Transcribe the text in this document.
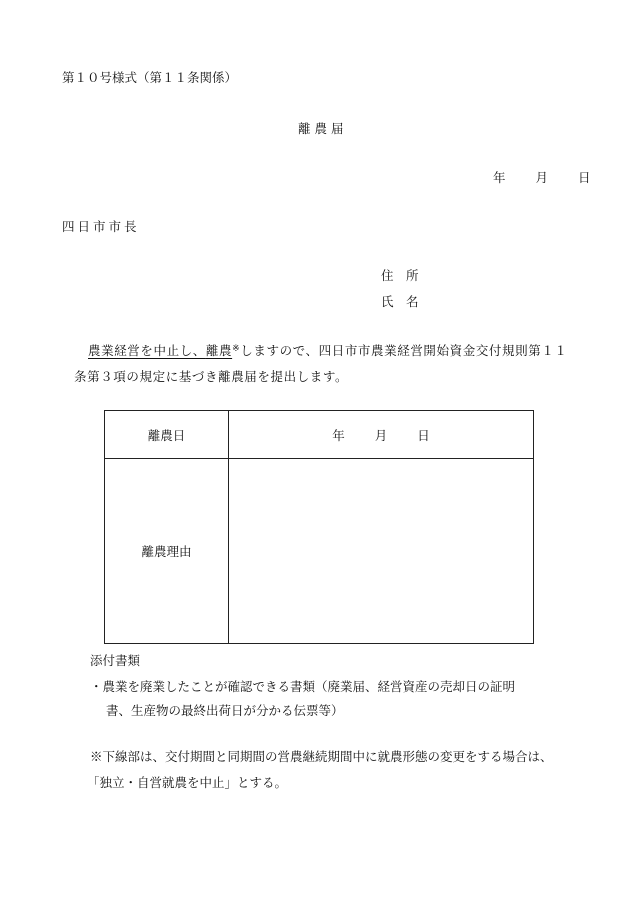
第１０号様式（第１１条関係）
離 農 届
年 月 日
四日市市長
住　所
氏　名
農業経営を中止し、離農※しますので、四日市市農業経営開始資金交付規則第１１
条第３項の規定に基づき離農届を提出します。
離農日	年 月 日
離農理由	
添付書類
・農業を廃業したことが確認できる書類（廃業届、経営資産の売却日の証明
書、生産物の最終出荷日が分かる伝票等）
※下線部は、交付期間と同期間の営農継続期間中に就農形態の変更をする場合は、
「独立・自営就農を中止」とする。
